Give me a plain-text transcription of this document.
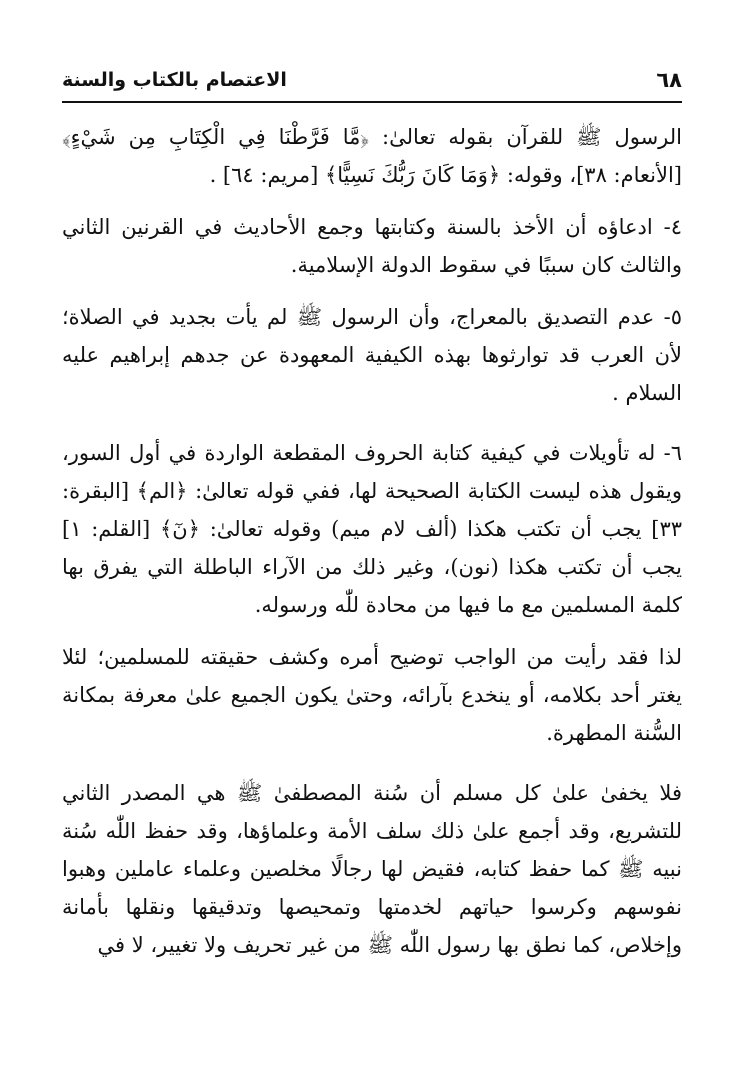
٦٨
الاعتصام بالكتاب والسنة

الرسول ﷺ للقرآن بقوله تعالىٰ: ﴿مَّا فَرَّطْنَا فِي الْكِتَابِ مِن شَيْءٍ﴾ [الأنعام: ٣٨]، وقوله: ﴿وَمَا كَانَ رَبُّكَ نَسِيًّا﴾ [مريم: ٦٤] .

٤- ادعاؤه أن الأخذ بالسنة وكتابتها وجمع الأحاديث في القرنين الثاني والثالث كان سببًا في سقوط الدولة الإسلامية.

٥- عدم التصديق بالمعراج، وأن الرسول ﷺ لم يأت بجديد في الصلاة؛ لأن العرب قد توارثوها بهذه الكيفية المعهودة عن جدهم إبراهيم عليه السلام .

٦- له تأويلات في كيفية كتابة الحروف المقطعة الواردة في أول السور، ويقول هذه ليست الكتابة الصحيحة لها، ففي قوله تعالىٰ: ﴿الم﴾ [البقرة: ٣٣] يجب أن تكتب هكذا (ألف لام ميم) وقوله تعالىٰ: ﴿نٓ﴾ [القلم: ١] يجب أن تكتب هكذا (نون)، وغير ذلك من الآراء الباطلة التي يفرق بها كلمة المسلمين مع ما فيها من محادة للّٰه ورسوله.

لذا فقد رأيت من الواجب توضيح أمره وكشف حقيقته للمسلمين؛ لئلا يغتر أحد بكلامه، أو ينخدع بآرائه، وحتىٰ يكون الجميع علىٰ معرفة بمكانة السُّنة المطهرة.

فلا يخفىٰ علىٰ كل مسلم أن سُنة المصطفىٰ ﷺ هي المصدر الثاني للتشريع، وقد أجمع علىٰ ذلك سلف الأمة وعلماؤها، وقد حفظ اللّٰه سُنة نبيه ﷺ كما حفظ كتابه، فقيض لها رجالًا مخلصين وعلماء عاملين وهبوا نفوسهم وكرسوا حياتهم لخدمتها وتمحيصها وتدقيقها ونقلها بأمانة وإخلاص، كما نطق بها رسول اللّٰه ﷺ من غير تحريف ولا تغيير، لا في
